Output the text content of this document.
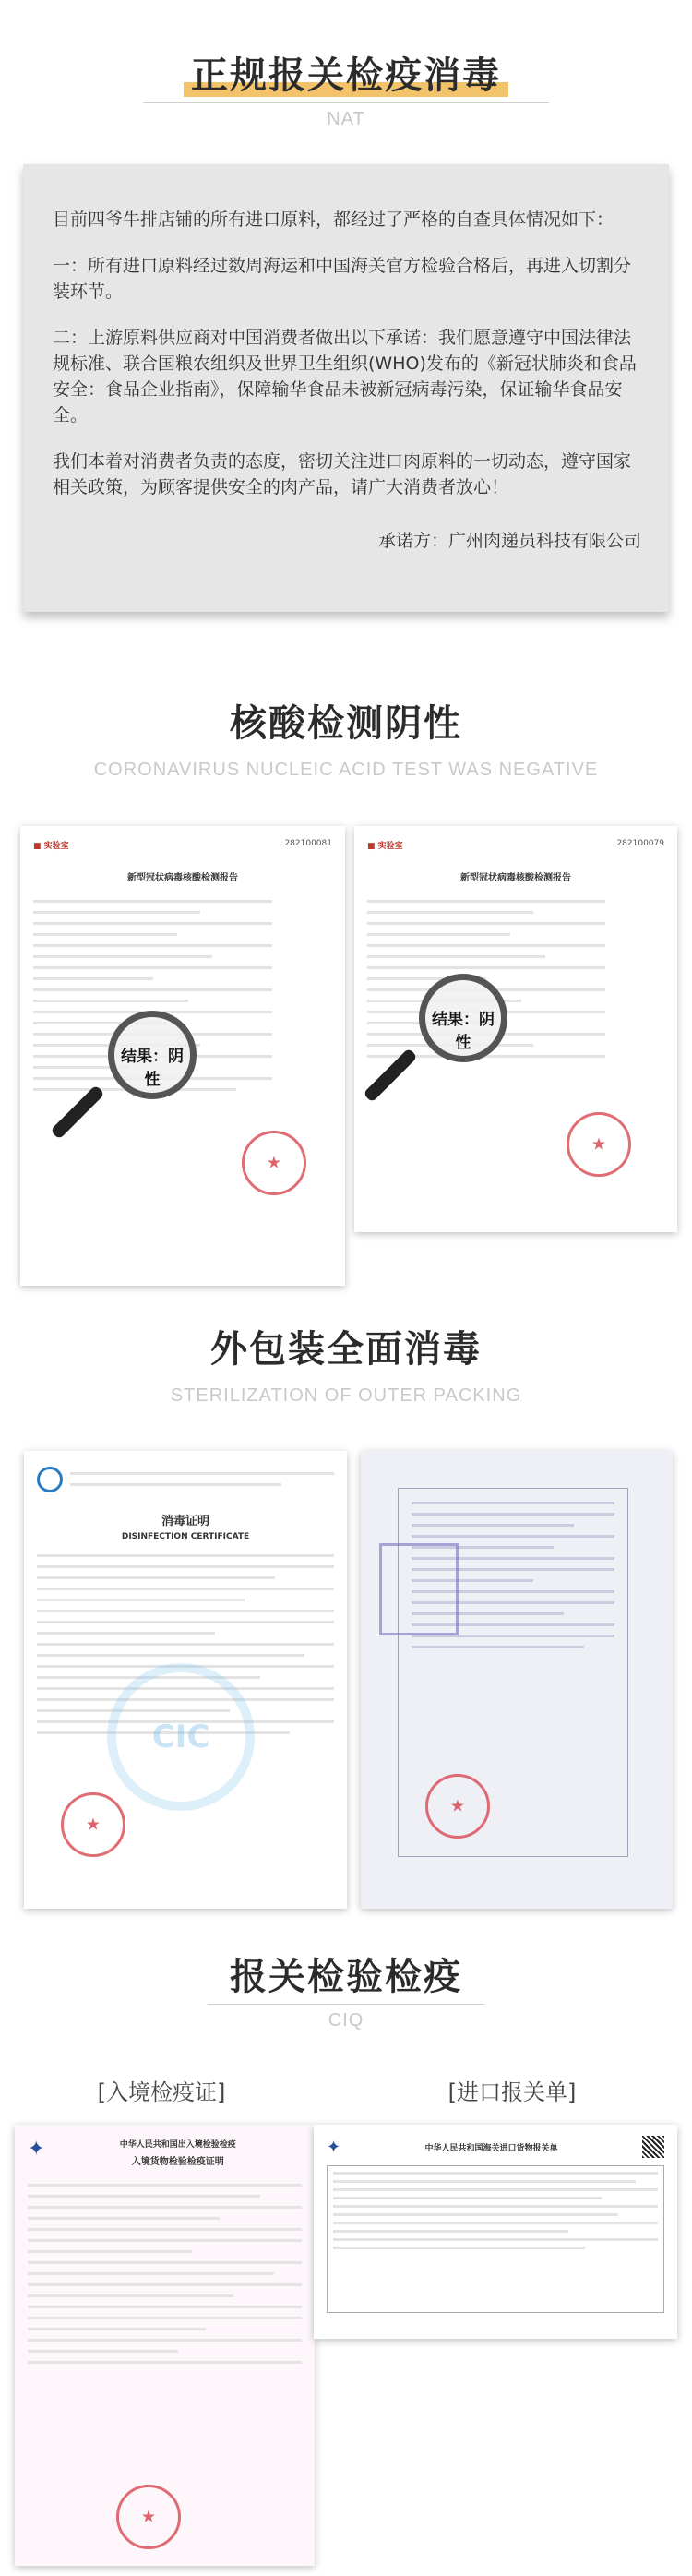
正规报关检疫消毒
NAT

目前四爷牛排店铺的所有进口原料，都经过了严格的自查具体情况如下：

一：所有进口原料经过数周海运和中国海关官方检验合格后，再进入切割分装环节。

二：上游原料供应商对中国消费者做出以下承诺：我们愿意遵守中国法律法规标准、联合国粮农组织及世界卫生组织(WHO)发布的《新冠状肺炎和食品安全：食品企业指南》，保障输华食品未被新冠病毒污染，保证输华食品安全。

我们本着对消费者负责的态度，密切关注进口肉原料的一切动态，遵守国家相关政策，为顾客提供安全的肉产品，请广大消费者放心！

承诺方：广州肉递员科技有限公司

核酸检测阴性
CORONAVIRUS NUCLEIC ACID TEST WAS NEGATIVE
■ 实验室	282100081
新型冠状病毒核酸检测报告
结果：阴性
★
■ 实验室	282100079
新型冠状病毒核酸检测报告
结果：阴性
★
外包装全面消毒
STERILIZATION OF OUTER PACKING
消毒证明
DISINFECTION CERTIFICATE
CIC
★
★
报关检验检疫
CIQ
[入境检疫证]	[进口报关单]
✦	中华人民共和国出入境检验检疫
入境货物检验检疫证明
★
✦	中华人民共和国海关进口货物报关单
